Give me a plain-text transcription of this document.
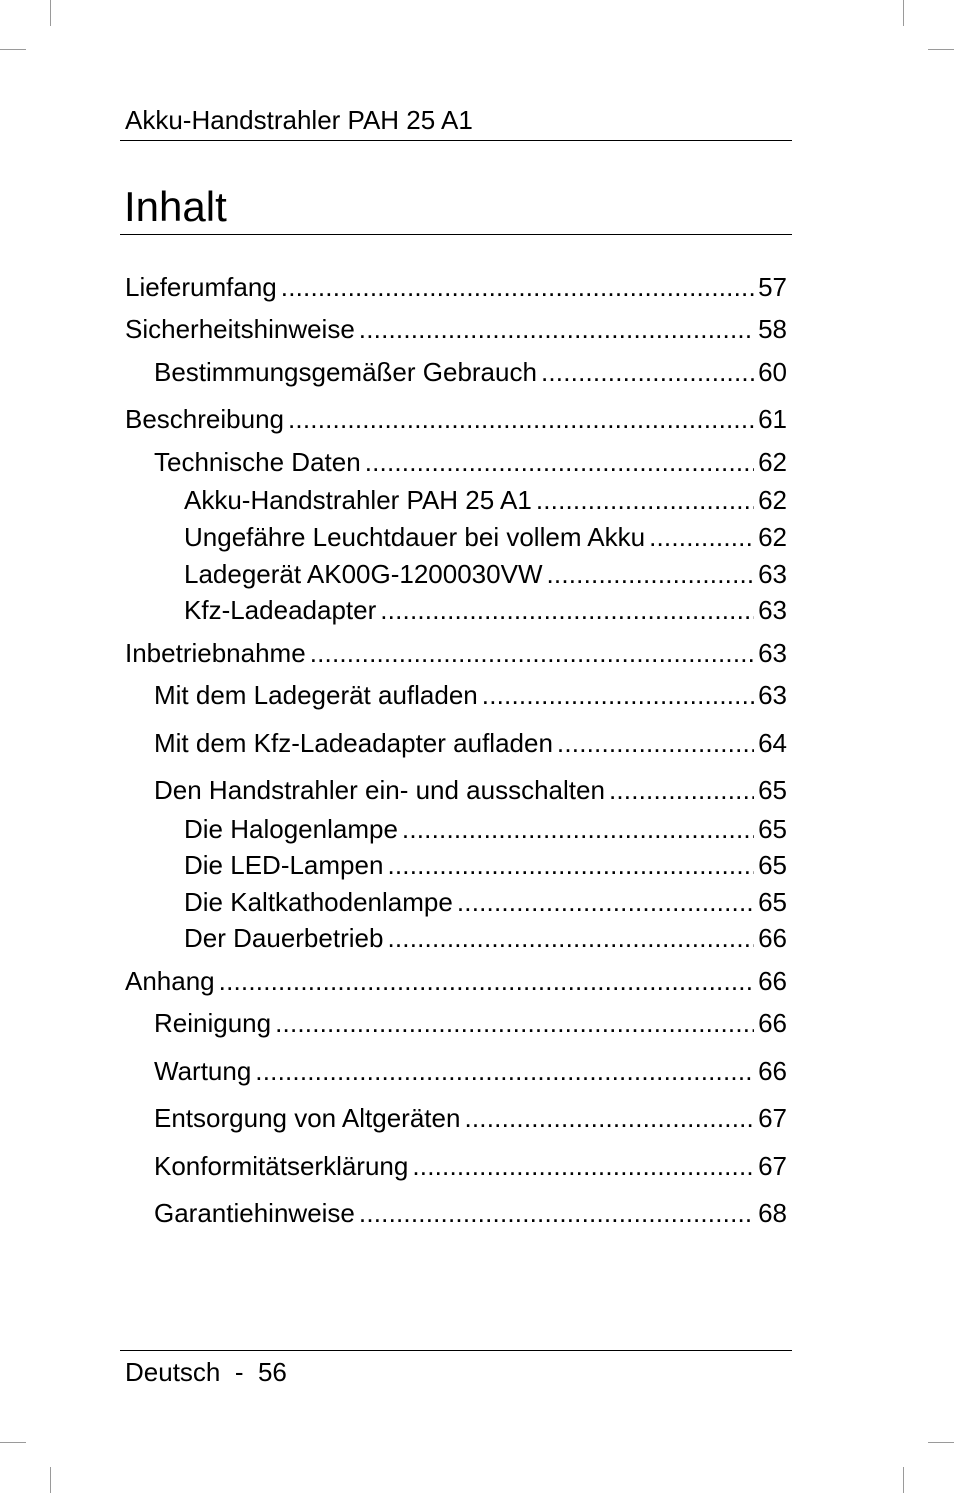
Akku-Handstrahler PAH 25 A1
Inhalt
Lieferumfang .....	57
Sicherheitshinweise .....	58
Bestimmungsgemäßer Gebrauch .....	60
Beschreibung .....	61
Technische Daten .....	62
Akku-Handstrahler PAH 25 A1 .....	62
Ungefähre Leuchtdauer bei vollem Akku .....	62
Ladegerät AK00G-1200030VW .....	63
Kfz-Ladeadapter .....	63
Inbetriebnahme .....	63
Mit dem Ladegerät aufladen .....	63
Mit dem Kfz-Ladeadapter aufladen .....	64
Den Handstrahler ein- und ausschalten .....	65
Die Halogenlampe .....	65
Die LED-Lampen .....	65
Die Kaltkathodenlampe .....	65
Der Dauerbetrieb .....	66
Anhang .....	66
Reinigung .....	66
Wartung .....	66
Entsorgung von Altgeräten .....	67
Konformitätserklärung .....	67
Garantiehinweise .....	68
Deutsch - 56
